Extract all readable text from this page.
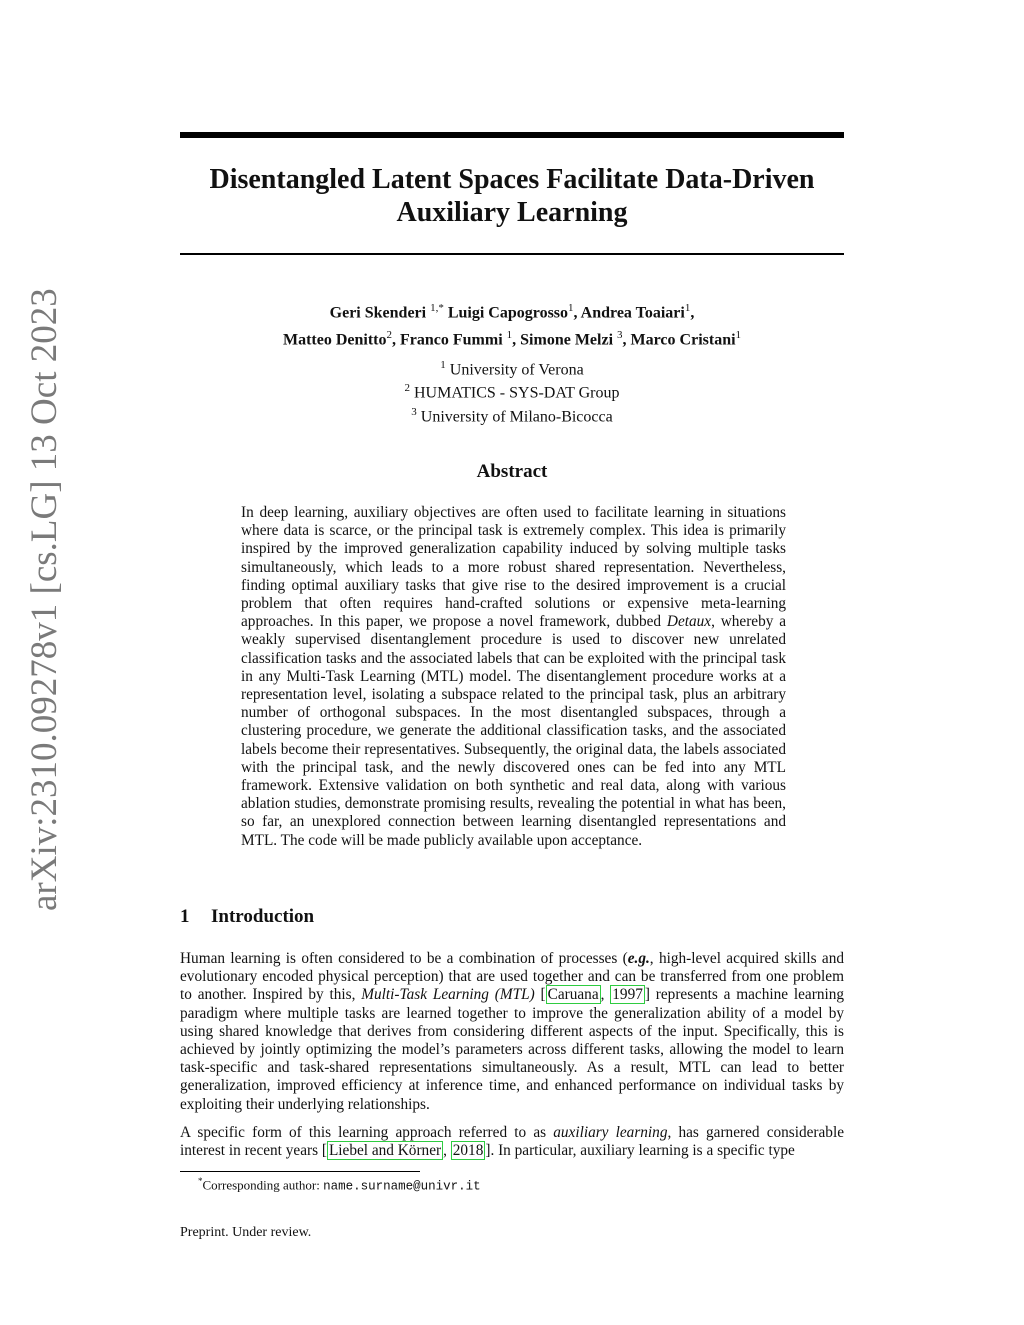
arXiv:2310.09278v1 [cs.LG] 13 Oct 2023
Disentangled Latent Spaces Facilitate Data-Driven Auxiliary Learning
Geri Skenderi $^{1,*}$ Luigi Capogrosso$^1$, Andrea Toaiari$^1$,
Matteo Denitto$^2$, Franco Fummi $^1$, Simone Melzi $^3$, Marco Cristani$^1$
$^1$ University of Verona
$^2$ HUMATICS - SYS-DAT Group
$^3$ University of Milano-Bicocca
Abstract
In deep learning, auxiliary objectives are often used to facilitate learning in situations where data is scarce, or the principal task is extremely complex. This idea is primarily inspired by the improved generalization capability induced by solving multiple tasks simultaneously, which leads to a more robust shared representation. Nevertheless, finding optimal auxiliary tasks that give rise to the desired improvement is a crucial problem that often requires hand-crafted solutions or expensive meta-learning approaches. In this paper, we propose a novel framework, dubbed Detaux, whereby a weakly supervised disentanglement procedure is used to discover new unrelated classification tasks and the associated labels that can be exploited with the principal task in any Multi-Task Learning (MTL) model. The disentanglement procedure works at a representation level, isolating a subspace related to the principal task, plus an arbitrary number of orthogonal subspaces. In the most disentangled subspaces, through a clustering procedure, we generate the additional classification tasks, and the associated labels become their representatives. Subsequently, the original data, the labels associated with the principal task, and the newly discovered ones can be fed into any MTL framework. Extensive validation on both synthetic and real data, along with various ablation studies, demonstrate promising results, revealing the potential in what has been, so far, an unexplored connection between learning disentangled representations and MTL. The code will be made publicly available upon acceptance.
1 Introduction
Human learning is often considered to be a combination of processes (e.g., high-level acquired skills and evolutionary encoded physical perception) that are used together and can be transferred from one problem to another. Inspired by this, Multi-Task Learning (MTL) [ Caruana , 1997 ] represents a machine learning paradigm where multiple tasks are learned together to improve the generalization ability of a model by using shared knowledge that derives from considering different aspects of the input. Specifically, this is achieved by jointly optimizing the model’s parameters across different tasks, allowing the model to learn task-specific and task-shared representations simultaneously. As a result, MTL can lead to better generalization, improved efficiency at inference time, and enhanced performance on individual tasks by exploiting their underlying relationships.
A specific form of this learning approach referred to as auxiliary learning, has garnered considerable interest in recent years [ Liebel and Körner , 2018 ]. In particular, auxiliary learning is a specific type
*Corresponding author: name.surname@univr.it
Preprint. Under review.
